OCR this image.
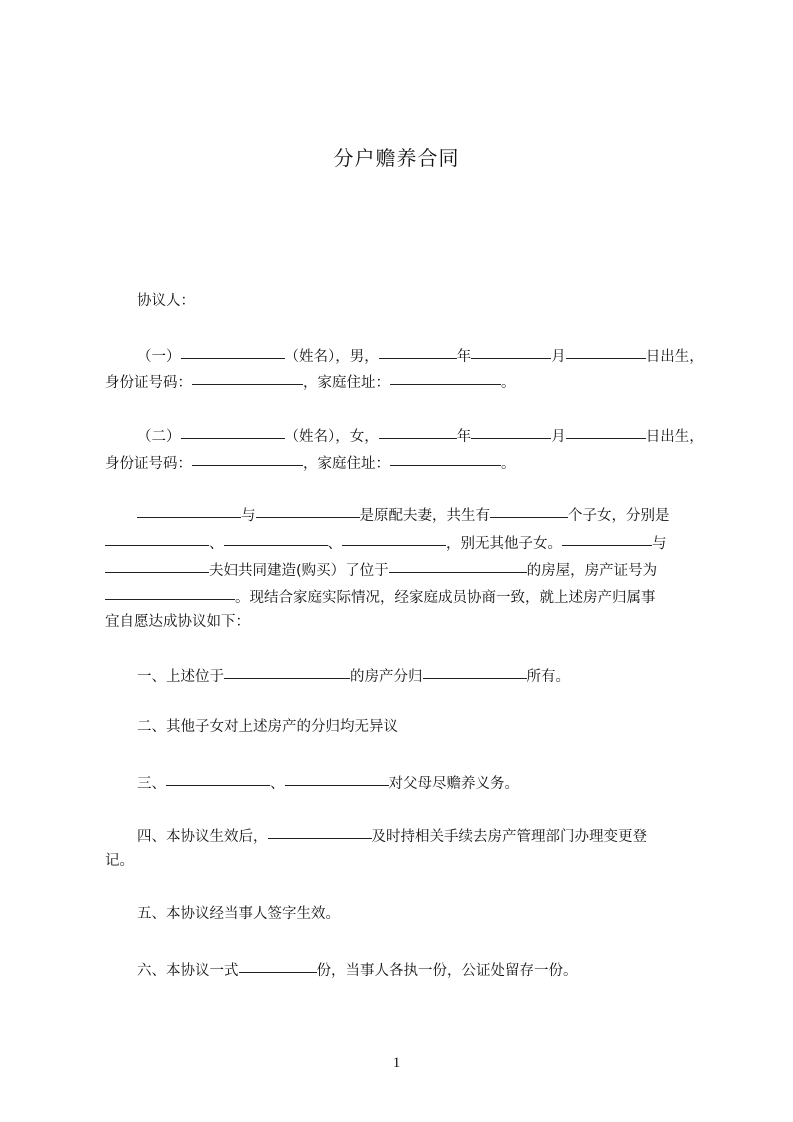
分户赡养合同
协议人：
（一）	（姓名），男，	年	月	日出生，
身份证号码：	，家庭住址：	。
（二）	（姓名），女，	年	月	日出生，
身份证号码：	，家庭住址：	。
与	是原配夫妻，共生有	个子女，分别是
、	、	，别无其他子女。	与
夫妇共同建造(购买）了位于	的房屋，房产证号为
。现结合家庭实际情况，经家庭成员协商一致，就上述房产归属事
宜自愿达成协议如下：
一、上述位于	的房产分归	所有。
二、其他子女对上述房产的分归均无异议
三、	、	对父母尽赡养义务。
四、本协议生效后，	及时持相关手续去房产管理部门办理变更登
记。
五、本协议经当事人签字生效。
六、本协议一式	份，当事人各执一份，公证处留存一份。
1
